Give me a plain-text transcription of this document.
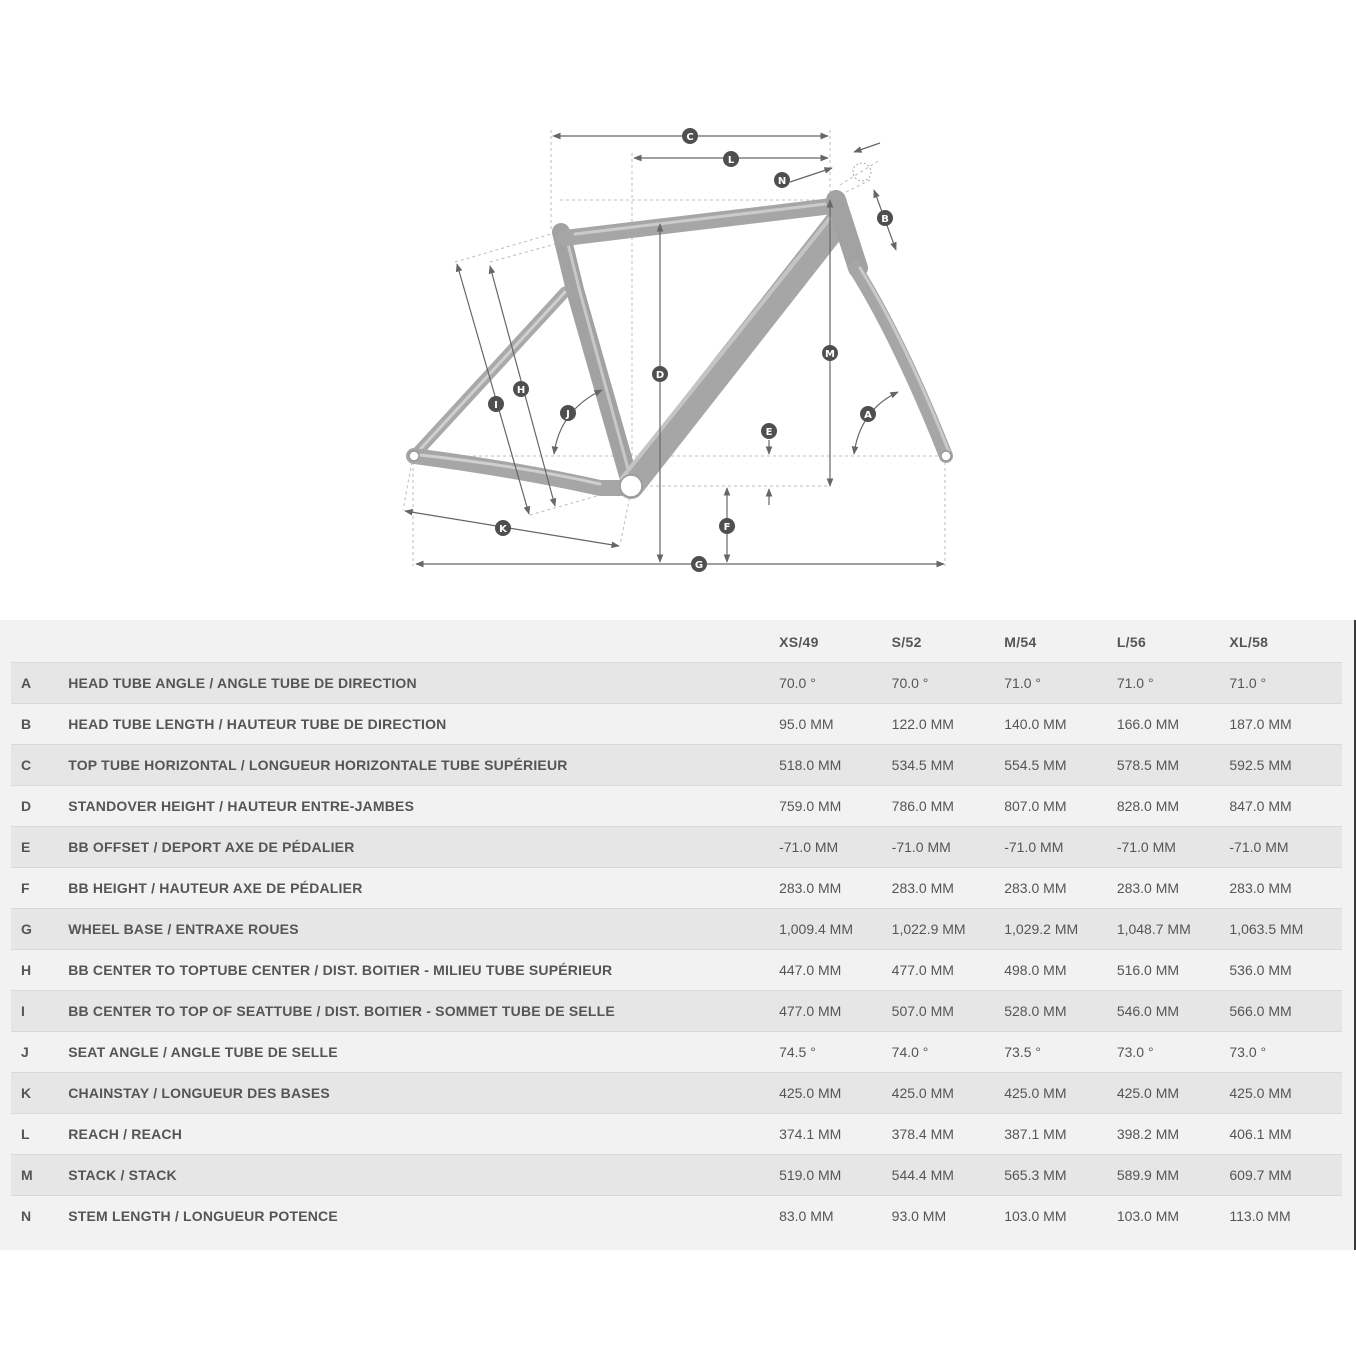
A
B
C
D
E
F
G
H
I
J
K
L
M
N
		XS/49	S/52	M/54	L/56	XL/58
A	HEAD TUBE ANGLE / ANGLE TUBE DE DIRECTION	70.0 °	70.0 °	71.0 °	71.0 °	71.0 °
B	HEAD TUBE LENGTH / HAUTEUR TUBE DE DIRECTION	95.0 MM	122.0 MM	140.0 MM	166.0 MM	187.0 MM
C	TOP TUBE HORIZONTAL / LONGUEUR HORIZONTALE TUBE SUPÉRIEUR	518.0 MM	534.5 MM	554.5 MM	578.5 MM	592.5 MM
D	STANDOVER HEIGHT / HAUTEUR ENTRE-JAMBES	759.0 MM	786.0 MM	807.0 MM	828.0 MM	847.0 MM
E	BB OFFSET / DEPORT AXE DE PÉDALIER	-71.0 MM	-71.0 MM	-71.0 MM	-71.0 MM	-71.0 MM
F	BB HEIGHT / HAUTEUR AXE DE PÉDALIER	283.0 MM	283.0 MM	283.0 MM	283.0 MM	283.0 MM
G	WHEEL BASE / ENTRAXE ROUES	1,009.4 MM	1,022.9 MM	1,029.2 MM	1,048.7 MM	1,063.5 MM
H	BB CENTER TO TOPTUBE CENTER / DIST. BOITIER - MILIEU TUBE SUPÉRIEUR	447.0 MM	477.0 MM	498.0 MM	516.0 MM	536.0 MM
I	BB CENTER TO TOP OF SEATTUBE / DIST. BOITIER - SOMMET TUBE DE SELLE	477.0 MM	507.0 MM	528.0 MM	546.0 MM	566.0 MM
J	SEAT ANGLE / ANGLE TUBE DE SELLE	74.5 °	74.0 °	73.5 °	73.0 °	73.0 °
K	CHAINSTAY / LONGUEUR DES BASES	425.0 MM	425.0 MM	425.0 MM	425.0 MM	425.0 MM
L	REACH / REACH	374.1 MM	378.4 MM	387.1 MM	398.2 MM	406.1 MM
M	STACK / STACK	519.0 MM	544.4 MM	565.3 MM	589.9 MM	609.7 MM
N	STEM LENGTH / LONGUEUR POTENCE	83.0 MM	93.0 MM	103.0 MM	103.0 MM	113.0 MM
